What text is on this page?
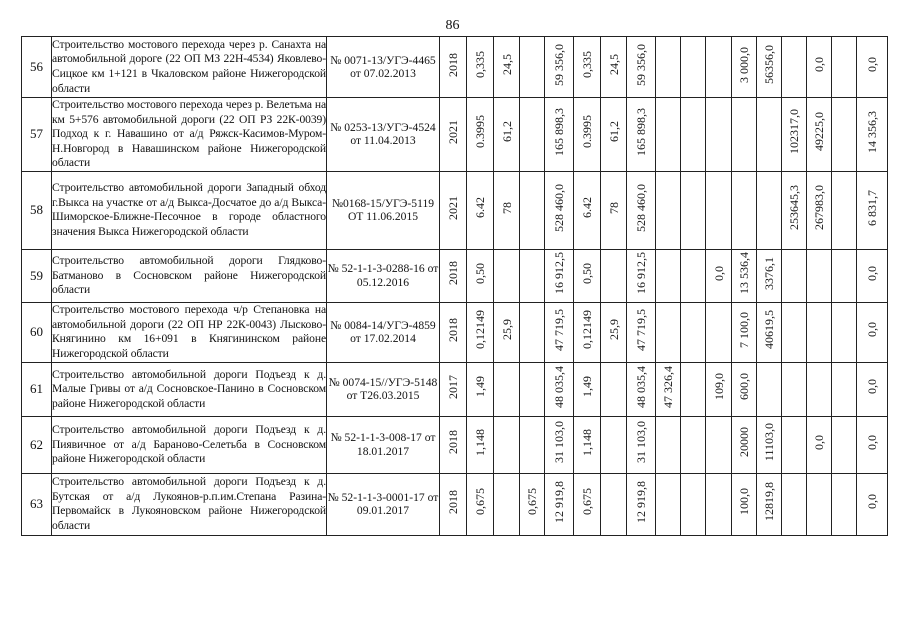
86
56	Строительство мостового перехода через р. Санахта на автомобильной дороге (22 ОП МЗ 22Н-4534) Яковлево-Сицкое км 1+121 в Чкаловском районе Нижегородской области	№ 0071-13/УГЭ-4465 от 07.02.2013	2018	0,335	24,5		59 356,0	0,335	24,5	59 356,0				3 000,0	56356,0		0,0		0,0
57	Строительство мостового перехода через р. Велетьма на км 5+576 автомобильной дороги (22 ОП РЗ 22К-0039) Подход к г. Навашино от а/д Ряжск-Касимов-Муром-Н.Новгород в Навашинском районе Нижегородской области	№ 0253-13/УГЭ-4524 от 11.04.2013	2021	0.3995	61,2		165 898,3	0.3995	61,2	165 898,3						102317,0	49225,0		14 356,3
58	Строительство автомобильной дороги Западный обход г.Выкса на участке от а/д Выкса-Досчатое до а/д Выкса-Шиморское-Ближне-Песочное в городе областного значения Выкса Нижегородской области	№0168-15/УГЭ-5119 ОТ 11.06.2015	2021	6.42	78		528 460,0	6.42	78	528 460,0						253645,3	267983,0		6 831,7
59	Строительство автомобильной дороги Глядково-Батманово в Сосновском районе Нижегородской области	№ 52-1-1-3-0288-16 от 05.12.2016	2018	0,50			16 912,5	0,50		16 912,5			0,0	13 536,4	3376,1				0,0
60	Строительство мостового перехода ч/р Степановка на автомобильной дороги (22 ОП НР 22К-0043) Лысково-Княгинино км 16+091 в Княгининском районе Нижегородской области	№ 0084-14/УГЭ-4859 от 17.02.2014	2018	0,12149	25,9		47 719,5	0,12149	25,9	47 719,5				7 100,0	40619,5				0,0
61	Строительство автомобильной дороги Подъезд к д. Малые Гривы от а/д Сосновское-Панино в Сосновском районе Нижегородской области	№ 0074-15//УГЭ-5148 от Т26.03.2015	2017	1,49			48 035,4	1,49		48 035,4	47 326,4		109,0	600,0					0,0
62	Строительство автомобильной дороги Подъезд к д. Пиявичное от а/д Бараново-Селетьба в Сосновском районе Нижегородской области	№ 52-1-1-3-008-17 от 18.01.2017	2018	1,148			31 103,0	1,148		31 103,0				20000	11103,0		0,0		0,0
63	Строительство автомобильной дороги Подъезд к д. Бутская от а/д Лукоянов-р.п.им.Степана Разина-Первомайск в Лукояновском районе Нижегородской области	№ 52-1-1-3-0001-17 от 09.01.2017	2018	0,675		0,675	12 919,8	0,675		12 919,8				100,0	12819,8				0,0
